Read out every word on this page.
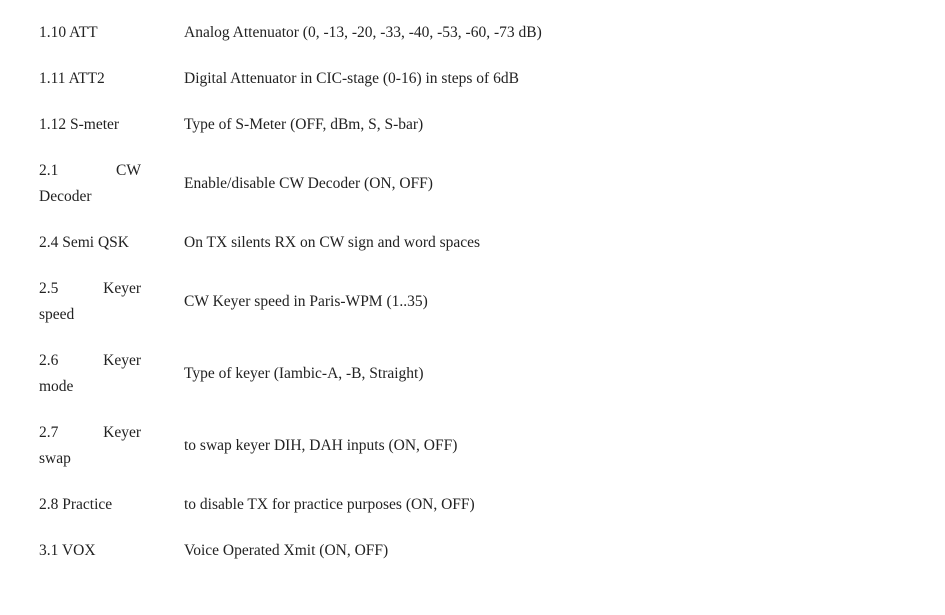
1.10 ATT		Analog Attenuator (0, -13, -20, -33, -40, -53, -60, -73 dB)
1.11 ATT2		Digital Attenuator in CIC-stage (0-16) in steps of 6dB
1.12 S-meter		Type of S-Meter (OFF, dBm, S, S-bar)

2.1 CW
Decoder		Enable/disable CW Decoder (ON, OFF)
2.4 Semi QSK		On TX silents RX on CW sign and word spaces

2.5 Keyer
speed		CW Keyer speed in Paris-WPM (1..35)

2.6 Keyer
mode		Type of keyer (Iambic-A, -B, Straight)

2.7 Keyer
swap		to swap keyer DIH, DAH inputs (ON, OFF)
2.8 Practice		to disable TX for practice purposes (ON, OFF)
3.1 VOX		Voice Operated Xmit (ON, OFF)
